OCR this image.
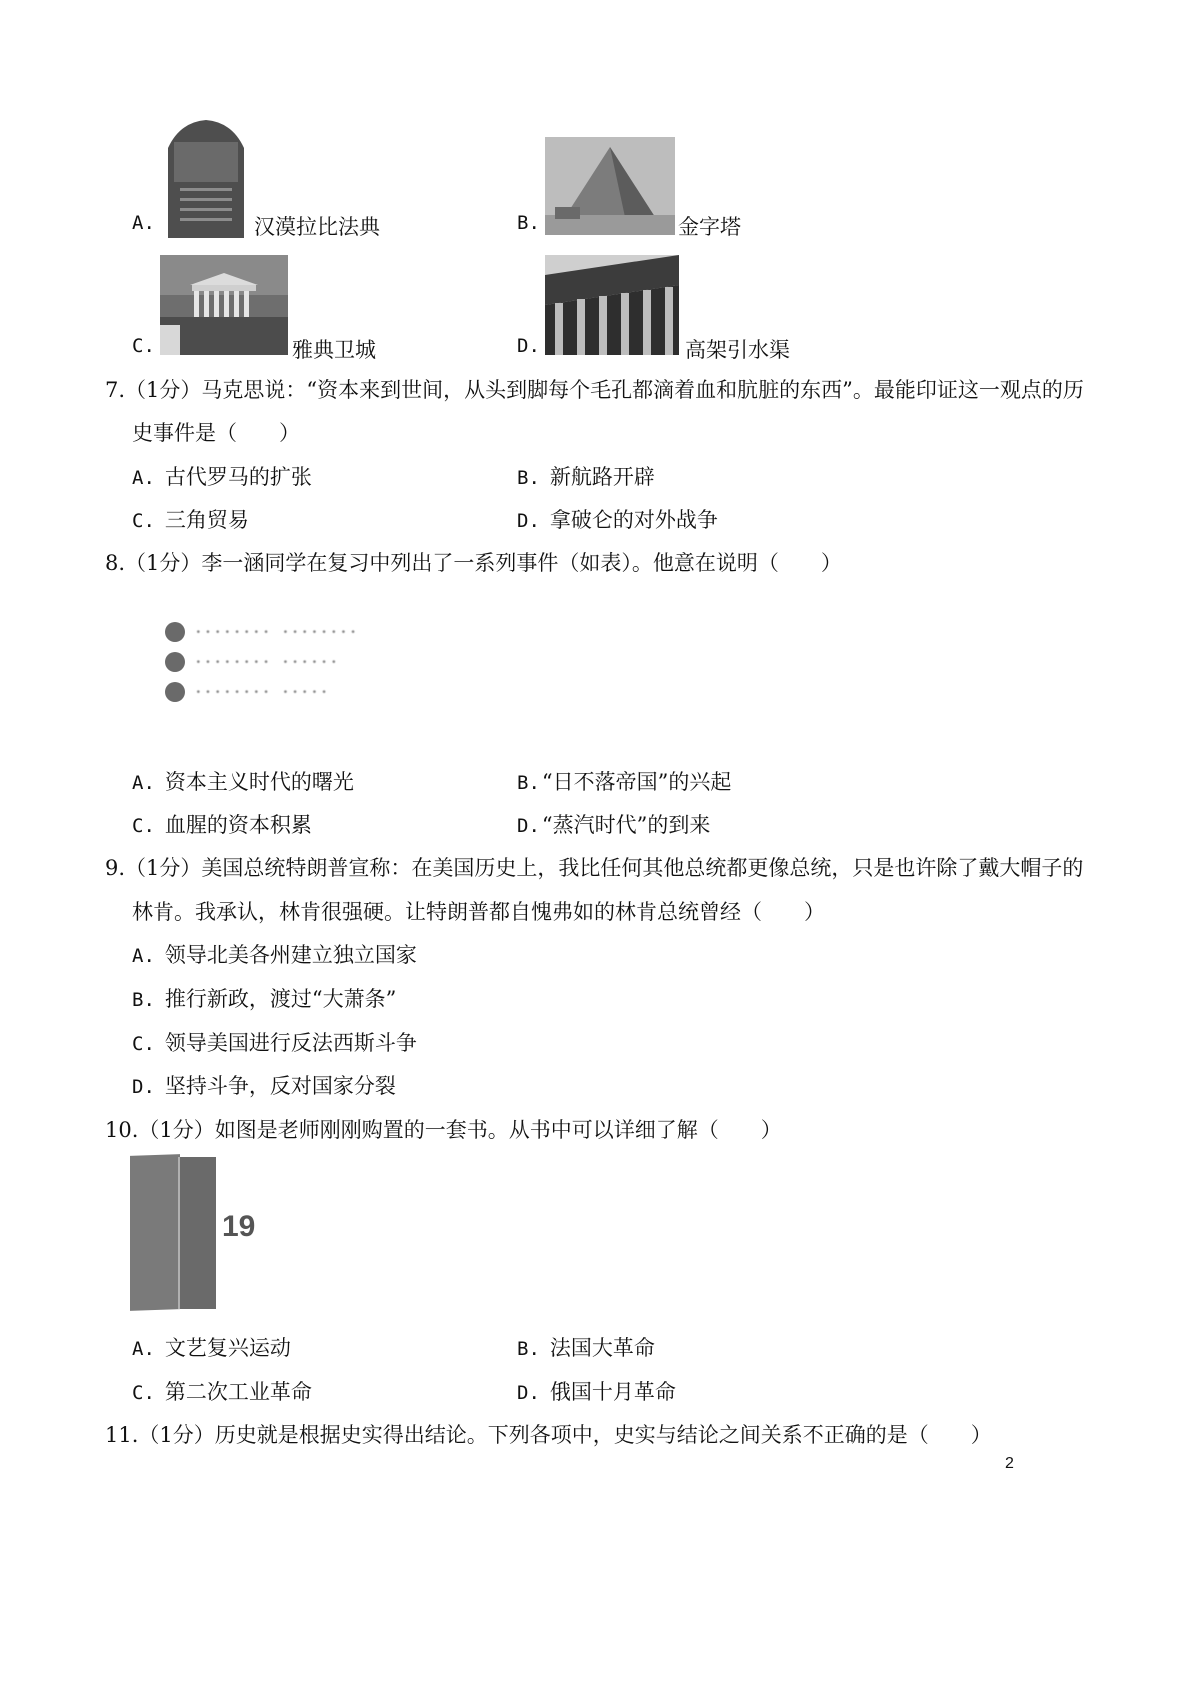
A.	汉漠拉比法典	B.	金字塔
C.	雅典卫城	D.	高架引水渠
7.（1分）马克思说：“资本来到世间，从头到脚每个毛孔都滴着血和肮脏的东西”。最能印证这一观点的历
史事件是（　　）
A. 古代罗马的扩张	B. 新航路开辟
C. 三角贸易	D. 拿破仑的对外战争
8.（1分）李一涵同学在复习中列出了一系列事件（如表）。他意在说明（　　）
········ ········
········ ······
········ ·····
A. 资本主义时代的曙光	B.“日不落帝国”的兴起
C. 血腥的资本积累	D.“蒸汽时代”的到来
9.（1分）美国总统特朗普宣称：在美国历史上，我比任何其他总统都更像总统，只是也许除了戴大帽子的
林肯。我承认，林肯很强硬。让特朗普都自愧弗如的林肯总统曾经（　　）
A. 领导北美各州建立独立国家
B. 推行新政，渡过“大萧条”
C. 领导美国进行反法西斯斗争
D. 坚持斗争，反对国家分裂
10.（1分）如图是老师刚刚购置的一套书。从书中可以详细了解（　　）
19
A. 文艺复兴运动	B. 法国大革命
C. 第二次工业革命	D. 俄国十月革命
11.（1分）历史就是根据史实得出结论。下列各项中，史实与结论之间关系不正确的是（　　）
2
